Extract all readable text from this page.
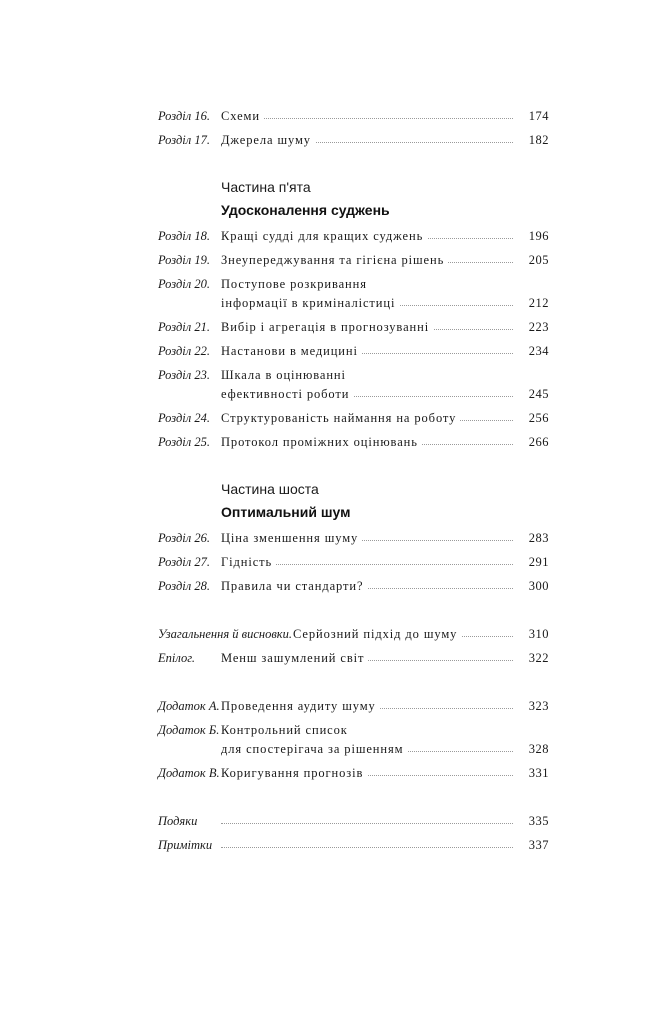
Розділ 16. Схеми	174
Розділ 17. Джерела шуму	182
Частина п'ята
Удосконалення суджень
Розділ 18. Кращі судді для кращих суджень	196
Розділ 19. Знеупереджування та гігієна рішень	205
Розділ 20. Поступове розкривання
інформації в криміналістиці	212
Розділ 21. Вибір і агрегація в прогнозуванні	223
Розділ 22. Настанови в медицині	234
Розділ 23. Шкала в оцінюванні
ефективності роботи	245
Розділ 24. Структурованість наймання на роботу	256
Розділ 25. Протокол проміжних оцінювань	266
Частина шоста
Оптимальний шум
Розділ 26. Ціна зменшення шуму	283
Розділ 27. Гідність	291
Розділ 28. Правила чи стандарти?	300
Узагальнення й висновки. Серйозний підхід до шуму	310
Епілог. Менш зашумлений світ	322
Додаток А. Проведення аудиту шуму	323
Додаток Б. Контрольний список
для спостерігача за рішенням	328
Додаток В. Коригування прогнозів	331
Подяки	335
Примітки	337
